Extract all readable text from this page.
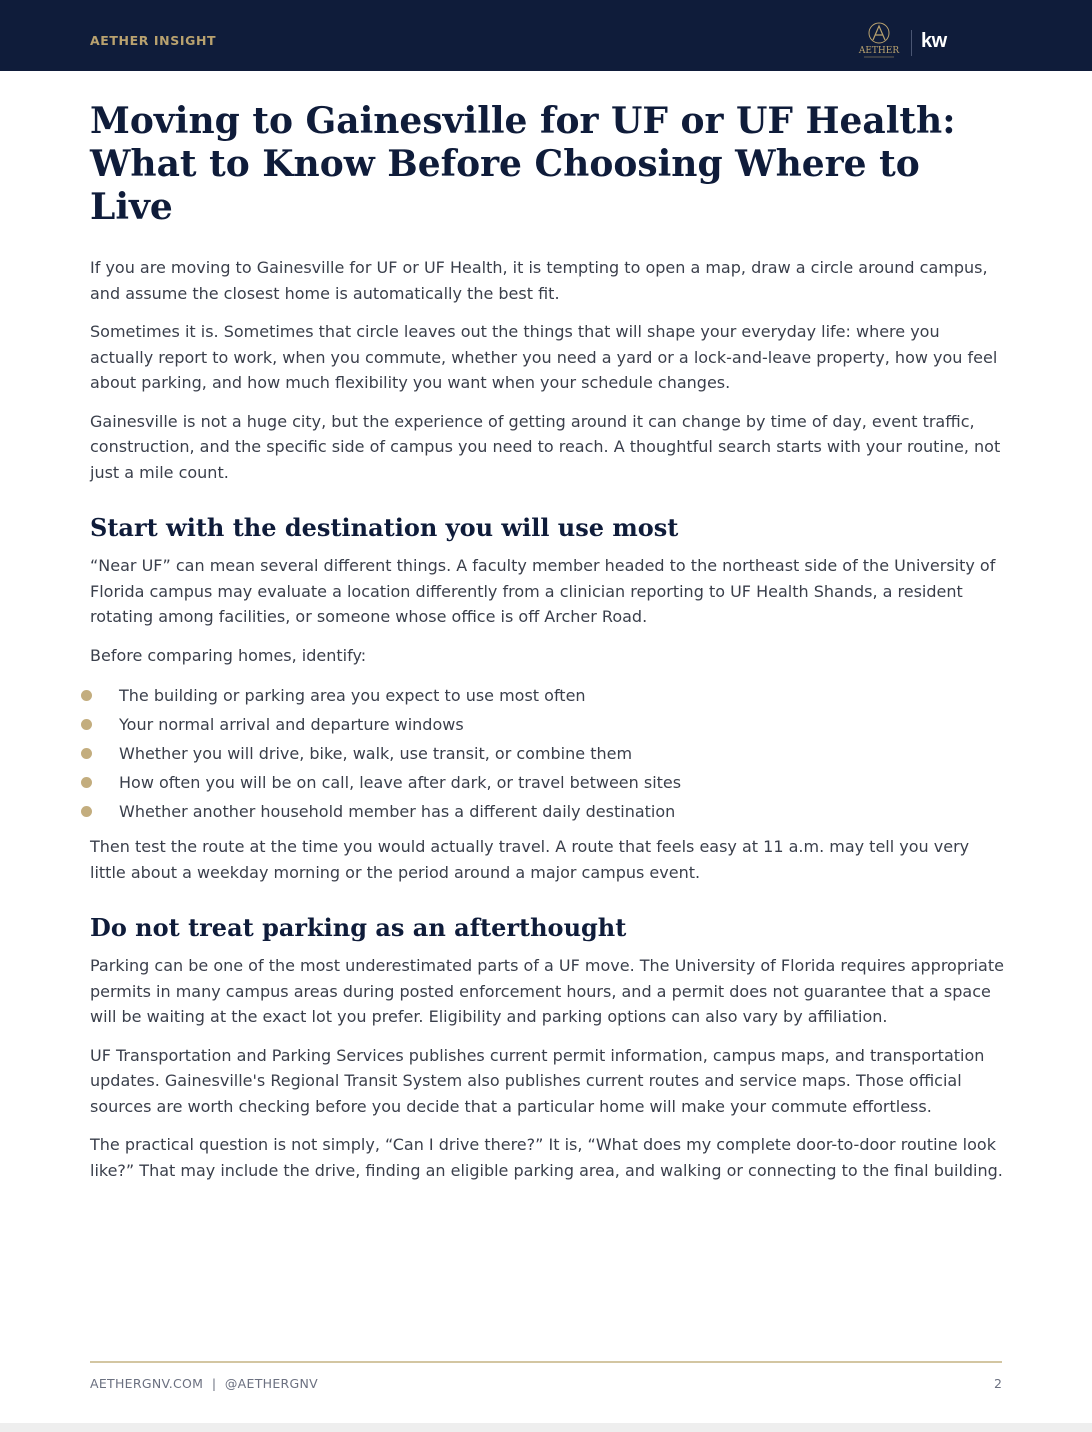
AETHER INSIGHT
AETHER kw
Moving to Gainesville for UF or UF Health: What to Know Before Choosing Where to Live

If you are moving to Gainesville for UF or UF Health, it is tempting to open a map, draw a circle around campus, and assume the closest home is automatically the best fit.

Sometimes it is. Sometimes that circle leaves out the things that will shape your everyday life: where you actually report to work, when you commute, whether you need a yard or a lock-and-leave property, how you feel about parking, and how much flexibility you want when your schedule changes.

Gainesville is not a huge city, but the experience of getting around it can change by time of day, event traffic, construction, and the specific side of campus you need to reach. A thoughtful search starts with your routine, not just a mile count.

Start with the destination you will use most

“Near UF” can mean several different things. A faculty member headed to the northeast side of the University of Florida campus may evaluate a location differently from a clinician reporting to UF Health Shands, a resident rotating among facilities, or someone whose office is off Archer Road.

Before comparing homes, identify:

The building or parking area you expect to use most often
Your normal arrival and departure windows
Whether you will drive, bike, walk, use transit, or combine them
How often you will be on call, leave after dark, or travel between sites
Whether another household member has a different daily destination

Then test the route at the time you would actually travel. A route that feels easy at 11 a.m. may tell you very little about a weekday morning or the period around a major campus event.

Do not treat parking as an afterthought

Parking can be one of the most underestimated parts of a UF move. The University of Florida requires appropriate permits in many campus areas during posted enforcement hours, and a permit does not guarantee that a space will be waiting at the exact lot you prefer. Eligibility and parking options can also vary by affiliation.

UF Transportation and Parking Services publishes current permit information, campus maps, and transportation updates. Gainesville's Regional Transit System also publishes current routes and service maps. Those official sources are worth checking before you decide that a particular home will make your commute effortless.

The practical question is not simply, “Can I drive there?” It is, “What does my complete door-to-door routine look like?” That may include the drive, finding an eligible parking area, and walking or connecting to the final building.

AETHERGNV.COM  |  @AETHERGNV	2
